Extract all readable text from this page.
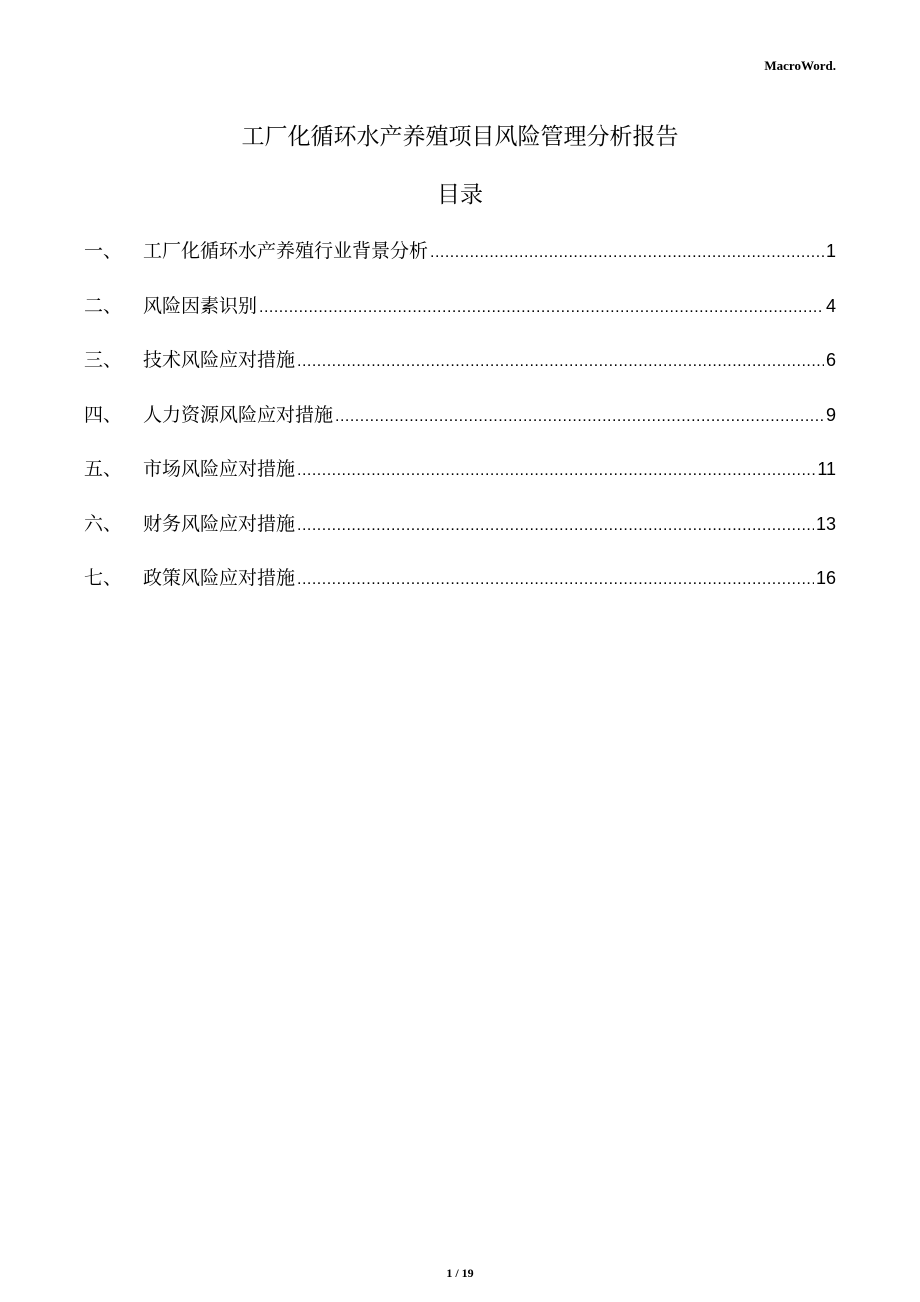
MacroWord.
工厂化循环水产养殖项目风险管理分析报告
目录
一、	工厂化循环水产养殖行业背景分析 .....	1
二、	风险因素识别 .....	4
三、	技术风险应对措施 .....	6
四、	人力资源风险应对措施 .....	9
五、	市场风险应对措施 .....	11
六、	财务风险应对措施 .....	13
七、	政策风险应对措施 .....	16
1 / 19
